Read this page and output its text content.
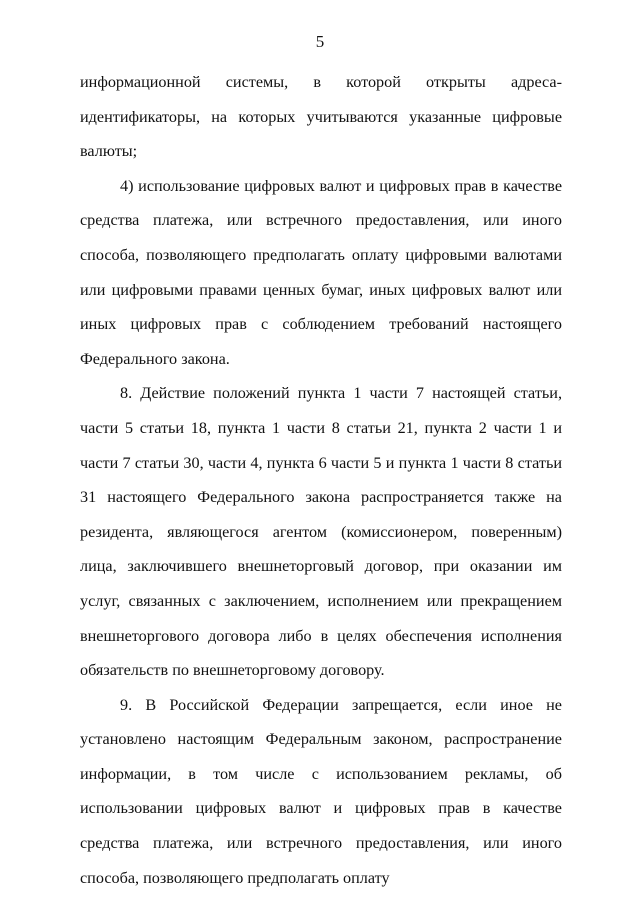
5

информационной системы, в которой открыты адреса-идентификаторы, на которых учитываются указанные цифровые валюты;

4) использование цифровых валют и цифровых прав в качестве средства платежа, или встречного предоставления, или иного способа, позволяющего предполагать оплату цифровыми валютами или цифровыми правами ценных бумаг, иных цифровых валют или иных цифровых прав с соблюдением требований настоящего Федерального закона.

8. Действие положений пункта 1 части 7 настоящей статьи, части 5 статьи 18, пункта 1 части 8 статьи 21, пункта 2 части 1 и части 7 статьи 30, части 4, пункта 6 части 5 и пункта 1 части 8 статьи 31 настоящего Федерального закона распространяется также на резидента, являющегося агентом (комиссионером, поверенным) лица, заключившего внешнеторговый договор, при оказании им услуг, связанных с заключением, исполнением или прекращением внешнеторгового договора либо в целях обеспечения исполнения обязательств по внешнеторговому договору.

9. В Российской Федерации запрещается, если иное не установлено настоящим Федеральным законом, распространение информации, в том числе с использованием рекламы, об использовании цифровых валют и цифровых прав в качестве средства платежа, или встречного предоставления, или иного способа, позволяющего предполагать оплату
